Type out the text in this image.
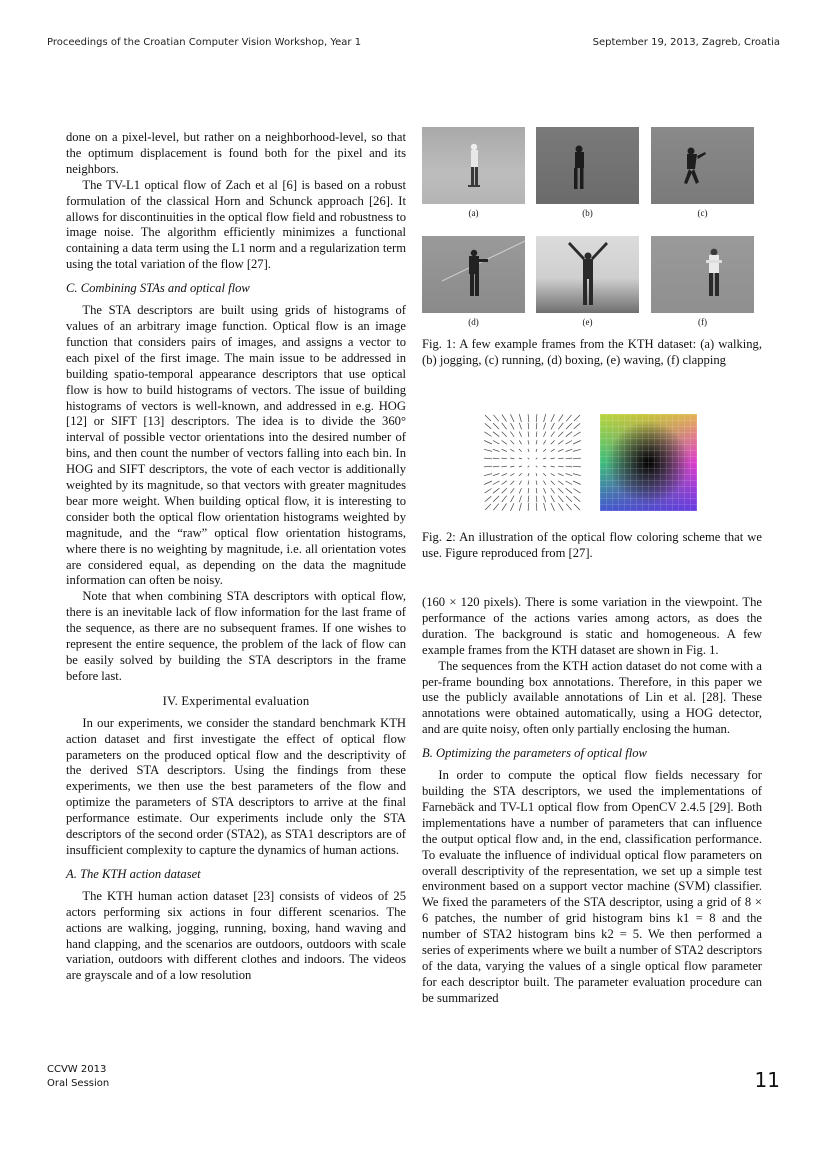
Proceedings of the Croatian Computer Vision Workshop, Year 1	September 19, 2013, Zagreb, Croatia

done on a pixel-level, but rather on a neighborhood-level, so that the optimum displacement is found both for the pixel and its neighbors.

The TV-L1 optical flow of Zach et al [6] is based on a robust formulation of the classical Horn and Schunck approach [26]. It allows for discontinuities in the optical flow field and robustness to image noise. The algorithm efficiently minimizes a functional containing a data term using the L1 norm and a regularization term using the total variation of the flow [27].

C. Combining STAs and optical flow

The STA descriptors are built using grids of histograms of values of an arbitrary image function. Optical flow is an image function that considers pairs of images, and assigns a vector to each pixel of the first image. The main issue to be addressed in building spatio-temporal appearance descriptors that use optical flow is how to build histograms of vectors. The issue of building histograms of vectors is well-known, and addressed in e.g. HOG [12] or SIFT [13] descriptors. The idea is to divide the 360° interval of possible vector orientations into the desired number of bins, and then count the number of vectors falling into each bin. In HOG and SIFT descriptors, the vote of each vector is additionally weighted by its magnitude, so that vectors with greater magnitudes bear more weight. When building optical flow, it is interesting to consider both the optical flow orientation histograms weighted by magnitude, and the “raw” optical flow orientation histograms, where there is no weighting by magnitude, i.e. all orientation votes are considered equal, as depending on the data the magnitude information can often be noisy.

Note that when combining STA descriptors with optical flow, there is an inevitable lack of flow information for the last frame of the sequence, as there are no subsequent frames. If one wishes to represent the entire sequence, the problem of the lack of flow can be easily solved by building the STA descriptors in the frame before last.

IV. Experimental evaluation

In our experiments, we consider the standard benchmark KTH action dataset and first investigate the effect of optical flow parameters on the produced optical flow and the descriptivity of the derived STA descriptors. Using the findings from these experiments, we then use the best parameters of the flow and optimize the parameters of STA descriptors to arrive at the final performance estimate. Our experiments include only the STA descriptors of the second order (STA2), as STA1 descriptors are of insufficient complexity to capture the dynamics of human actions.

A. The KTH action dataset

The KTH human action dataset [23] consists of videos of 25 actors performing six actions in four different scenarios. The actions are walking, jogging, running, boxing, hand waving and hand clapping, and the scenarios are outdoors, outdoors with scale variation, outdoors with different clothes and indoors. The videos are grayscale and of a low resolution

(a)	(b)	(c)
(d)	(e)	(f)
Fig. 1: A few example frames from the KTH dataset: (a) walking, (b) jogging, (c) running, (d) boxing, (e) waving, (f) clapping
Fig. 2: An illustration of the optical flow coloring scheme that we use. Figure reproduced from [27].

(160 × 120 pixels). There is some variation in the viewpoint. The performance of the actions varies among actors, as does the duration. The background is static and homogeneous. A few example frames from the KTH dataset are shown in Fig. 1.

The sequences from the KTH action dataset do not come with a per-frame bounding box annotations. Therefore, in this paper we use the publicly available annotations of Lin et al. [28]. These annotations were obtained automatically, using a HOG detector, and are quite noisy, often only partially enclosing the human.

B. Optimizing the parameters of optical flow

In order to compute the optical flow fields necessary for building the STA descriptors, we used the implementations of Farnebäck and TV-L1 optical flow from OpenCV 2.4.5 [29]. Both implementations have a number of parameters that can influence the output optical flow and, in the end, classification performance. To evaluate the influence of individual optical flow parameters on overall descriptivity of the representation, we set up a simple test environment based on a support vector machine (SVM) classifier. We fixed the parameters of the STA descriptor, using a grid of 8 × 6 patches, the number of grid histogram bins k1 = 8 and the number of STA2 histogram bins k2 = 5. We then performed a series of experiments where we built a number of STA2 descriptors of the data, varying the values of a single optical flow parameter for each descriptor built. The parameter evaluation procedure can be summarized

CCVW 2013
Oral Session	11
